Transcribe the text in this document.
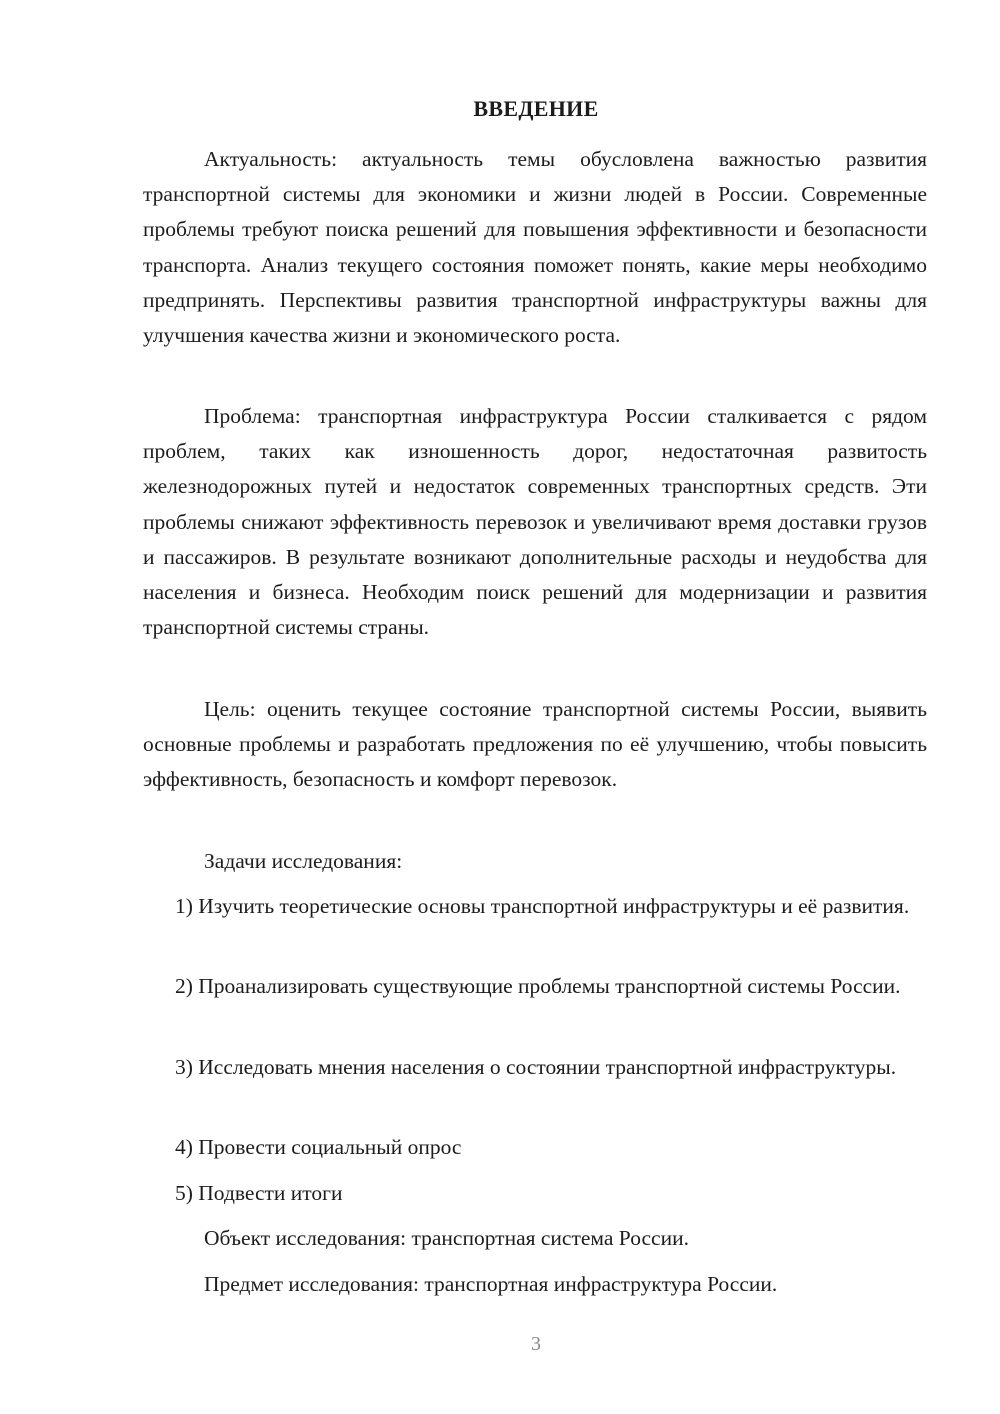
ВВЕДЕНИЕ

Актуальность: актуальность темы обусловлена важностью развития транспортной системы для экономики и жизни людей в России. Современные проблемы требуют поиска решений для повышения эффективности и безопасности транспорта. Анализ текущего состояния поможет понять, какие меры необходимо предпринять. Перспективы развития транспортной инфраструктуры важны для улучшения качества жизни и экономического роста.

Проблема: транспортная инфраструктура России сталкивается с рядом проблем, таких как изношенность дорог, недостаточная развитость железнодорожных путей и недостаток современных транспортных средств. Эти проблемы снижают эффективность перевозок и увеличивают время доставки грузов и пассажиров. В результате возникают дополнительные расходы и неудобства для населения и бизнеса. Необходим поиск решений для модернизации и развития транспортной системы страны.

Цель: оценить текущее состояние транспортной системы России, выявить основные проблемы и разработать предложения по её улучшению, чтобы повысить эффективность, безопасность и комфорт перевозок.

Задачи исследования:

1) Изучить теоретические основы транспортной инфраструктуры и её развития.

2) Проанализировать существующие проблемы транспортной системы России.

3) Исследовать мнения населения о состоянии транспортной инфраструктуры.

4) Провести социальный опрос

5) Подвести итоги

Объект исследования: транспортная система России.

Предмет исследования: транспортная инфраструктура России.

3
